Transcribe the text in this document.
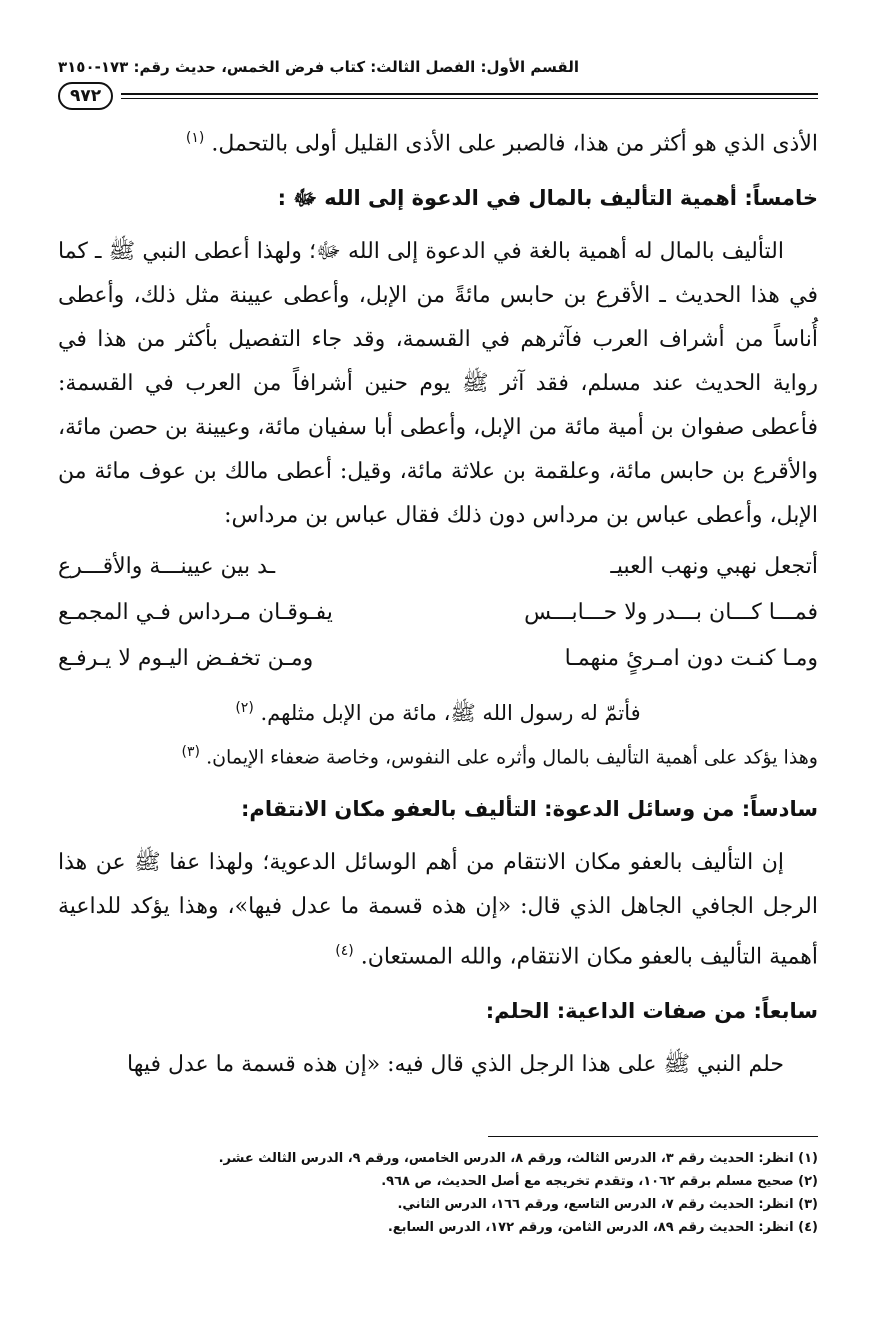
القسم الأول: الفصل الثالث: كتاب فرض الخمس، حديث رقم: ١٧٣-٣١٥٠
٩٧٢

الأذى الذي هو أكثر من هذا، فالصبر على الأذى القليل أولى بالتحمل. $^{(١)}$

خامساً: أهمية التأليف بالمال في الدعوة إلى الله ﷻ :

التأليف بالمال له أهمية بالغة في الدعوة إلى الله ﷻ؛ ولهذا أعطى النبي ﷺ ـ كما في هذا الحديث ـ الأقرع بن حابس مائةً من الإبل، وأعطى عيينة مثل ذلك، وأعطى أُناساً من أشراف العرب فآثرهم في القسمة، وقد جاء التفصيل بأكثر من هذا في رواية الحديث عند مسلم، فقد آثر ﷺ يوم حنين أشرافاً من العرب في القسمة: فأعطى صفوان بن أمية مائة من الإبل، وأعطى أبا سفيان مائة، وعيينة بن حصن مائة، والأقرع بن حابس مائة، وعلقمة بن علاثة مائة، وقيل: أعطى مالك بن عوف مائة من الإبل، وأعطى عباس بن مرداس دون ذلك فقال عباس بن مرداس:

أتجعل نهبي ونهب العبيـ
ـد بين عيينـــة والأقـــرع
فمـــا كـــان بـــدر ولا حـــابـــس
يفـوقـان مـرداس فـي المجمـع
ومـا كنـت دون امـرئٍ منهمـا
ومـن تخفـض اليـوم لا يـرفـع

فأتمّ له رسول الله ﷺ، مائة من الإبل مثلهم. $^{(٢)}$

وهذا يؤكد على أهمية التأليف بالمال وأثره على النفوس، وخاصة ضعفاء الإيمان. $^{(٣)}$

سادساً: من وسائل الدعوة: التأليف بالعفو مكان الانتقام:

إن التأليف بالعفو مكان الانتقام من أهم الوسائل الدعوية؛ ولهذا عفا ﷺ عن هذا الرجل الجافي الجاهل الذي قال: «إن هذه قسمة ما عدل فيها»، وهذا يؤكد للداعية أهمية التأليف بالعفو مكان الانتقام، والله المستعان. $^{(٤)}$

سابعاً: من صفات الداعية: الحلم:

حلم النبي ﷺ على هذا الرجل الذي قال فيه: «إن هذه قسمة ما عدل فيها

(١) انظر: الحديث رقم ٣، الدرس الثالث، ورقم ٨، الدرس الخامس، ورقم ٩، الدرس الثالث عشر.
(٢) صحيح مسلم برقم ١٠٦٢، وتقدم تخريجه مع أصل الحديث، ص ٩٦٨.
(٣) انظر: الحديث رقم ٧، الدرس التاسع، ورقم ١٦٦، الدرس الثاني.
(٤) انظر: الحديث رقم ٨٩، الدرس الثامن، ورقم ١٧٢، الدرس السابع.
